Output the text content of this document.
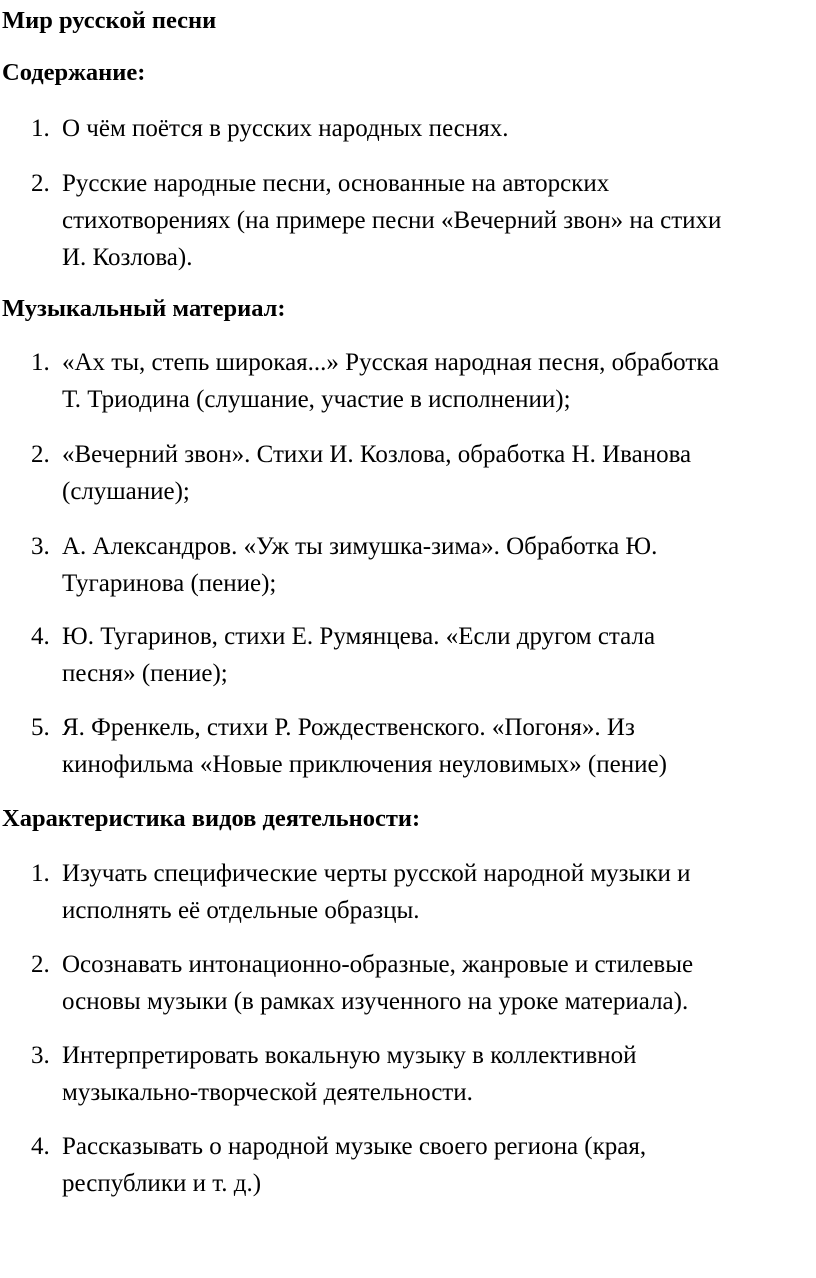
Мир русской песни
Содержание:
1. О чём поётся в русских народных песнях.
2. Русские народные песни, основанные на авторских
стихотворениях (на примере песни «Вечерний звон» на стихи
И. Козлова).
Музыкальный материал:
1. «Ах ты, степь широкая...» Русская народная песня, обработка
Т. Триодина (слушание, участие в исполнении);
2. «Вечерний звон». Стихи И. Козлова, обработка Н. Иванова
(слушание);
3. А. Александров. «Уж ты зимушка-зима». Обработка Ю.
Тугаринова (пение);
4. Ю. Тугаринов, стихи Е. Румянцева. «Если другом стала
песня» (пение);
5. Я. Френкель, стихи Р. Рождественского. «Погоня». Из
кинофильма «Новые приключения неуловимых» (пение)
Характеристика видов деятельности:
1. Изучать специфические черты русской народной музыки и
исполнять её отдельные образцы.
2. Осознавать интонационно-образные, жанровые и стилевые
основы музыки (в рамках изученного на уроке материала).
3. Интерпретировать вокальную музыку в коллективной
музыкально-творческой деятельности.
4. Рассказывать о народной музыке своего региона (края,
республики и т. д.)
